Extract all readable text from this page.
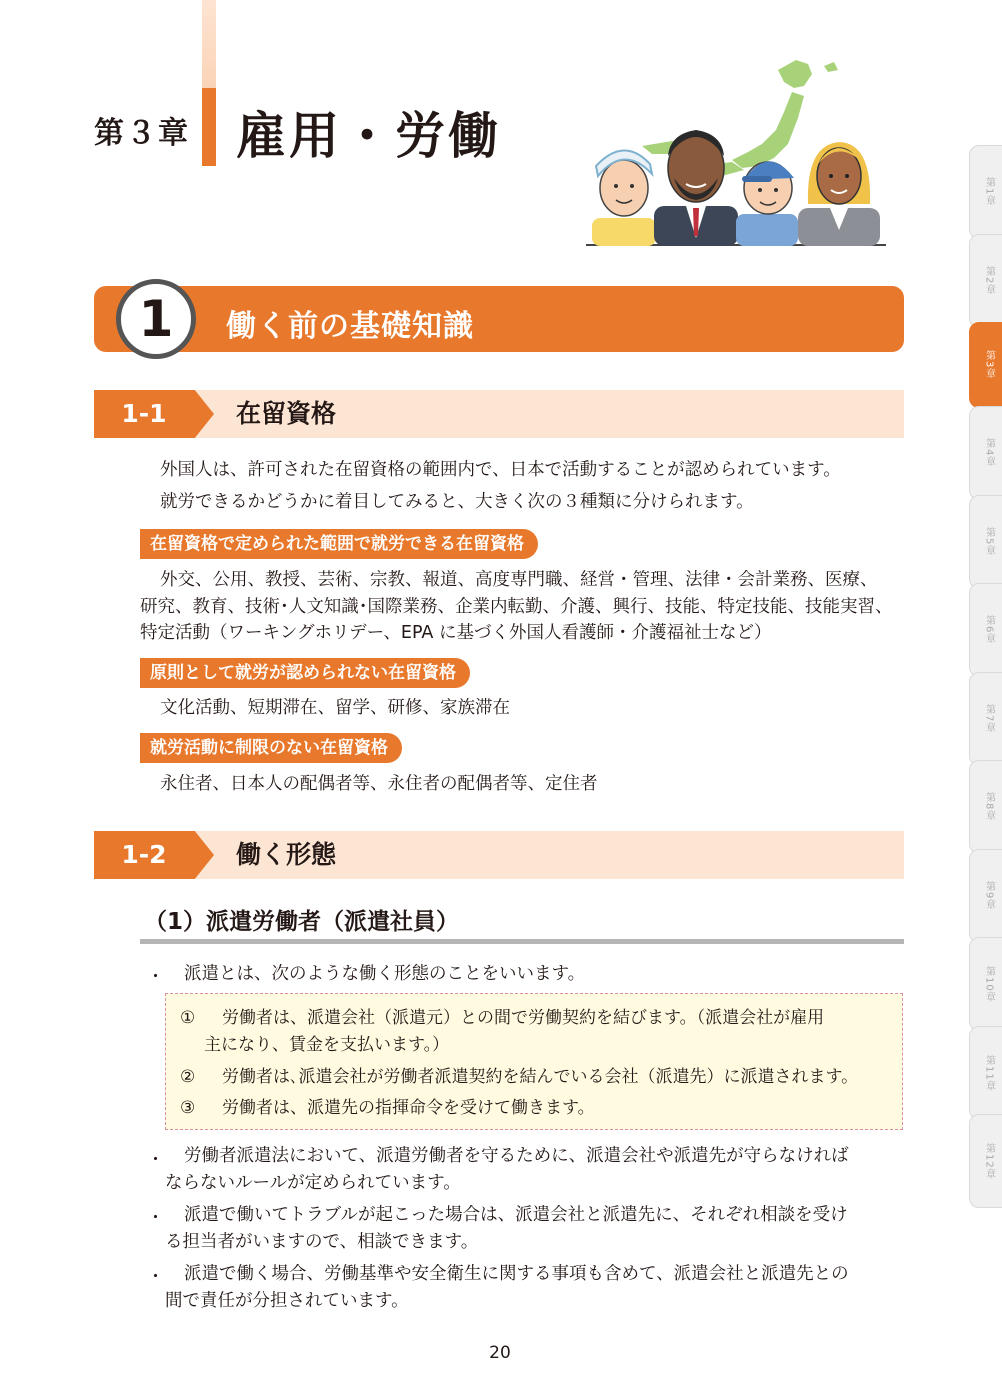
第３章 雇用・労働
1	働く前の基礎知識
1-1	在留資格
外国人は、許可された在留資格の範囲内で、日本で活動することが認められています。
就労できるかどうかに着目してみると、大きく次の３種類に分けられます。
在留資格で定められた範囲で就労できる在留資格
外交、公用、教授、芸術、宗教、報道、高度専門職、経営・管理、法律・会計業務、医療、
研究、教育、技術･人文知識･国際業務、企業内転勤、介護、興行、技能、特定技能、技能実習、
特定活動（ワーキングホリデー、EPA に基づく外国人看護師・介護福祉士など）
原則として就労が認められない在留資格
文化活動、短期滞在、留学、研修、家族滞在
就労活動に制限のない在留資格
永住者、日本人の配偶者等、永住者の配偶者等、定住者
1-2	働く形態
（1）派遣労働者（派遣社員）
・ 派遣とは、次のような働く形態のことをいいます。
① 労働者は、派遣会社（派遣元）との間で労働契約を結びます。（派遣会社が雇用
主になり、賃金を支払います。）
② 労働者は､派遣会社が労働者派遣契約を結んでいる会社（派遣先）に派遣されます。
③ 労働者は、派遣先の指揮命令を受けて働きます。
・ 労働者派遣法において、派遣労働者を守るために、派遣会社や派遣先が守らなければ
ならないルールが定められています。
・ 派遣で働いてトラブルが起こった場合は、派遣会社と派遣先に、それぞれ相談を受け
る担当者がいますので、相談できます。
・ 派遣で働く場合、労働基準や安全衛生に関する事項も含めて、派遣会社と派遣先との
間で責任が分担されています。
第1章
第2章
第3章
第4章
第5章
第6章
第7章
第8章
第9章
第10章
第11章
第12章
20
